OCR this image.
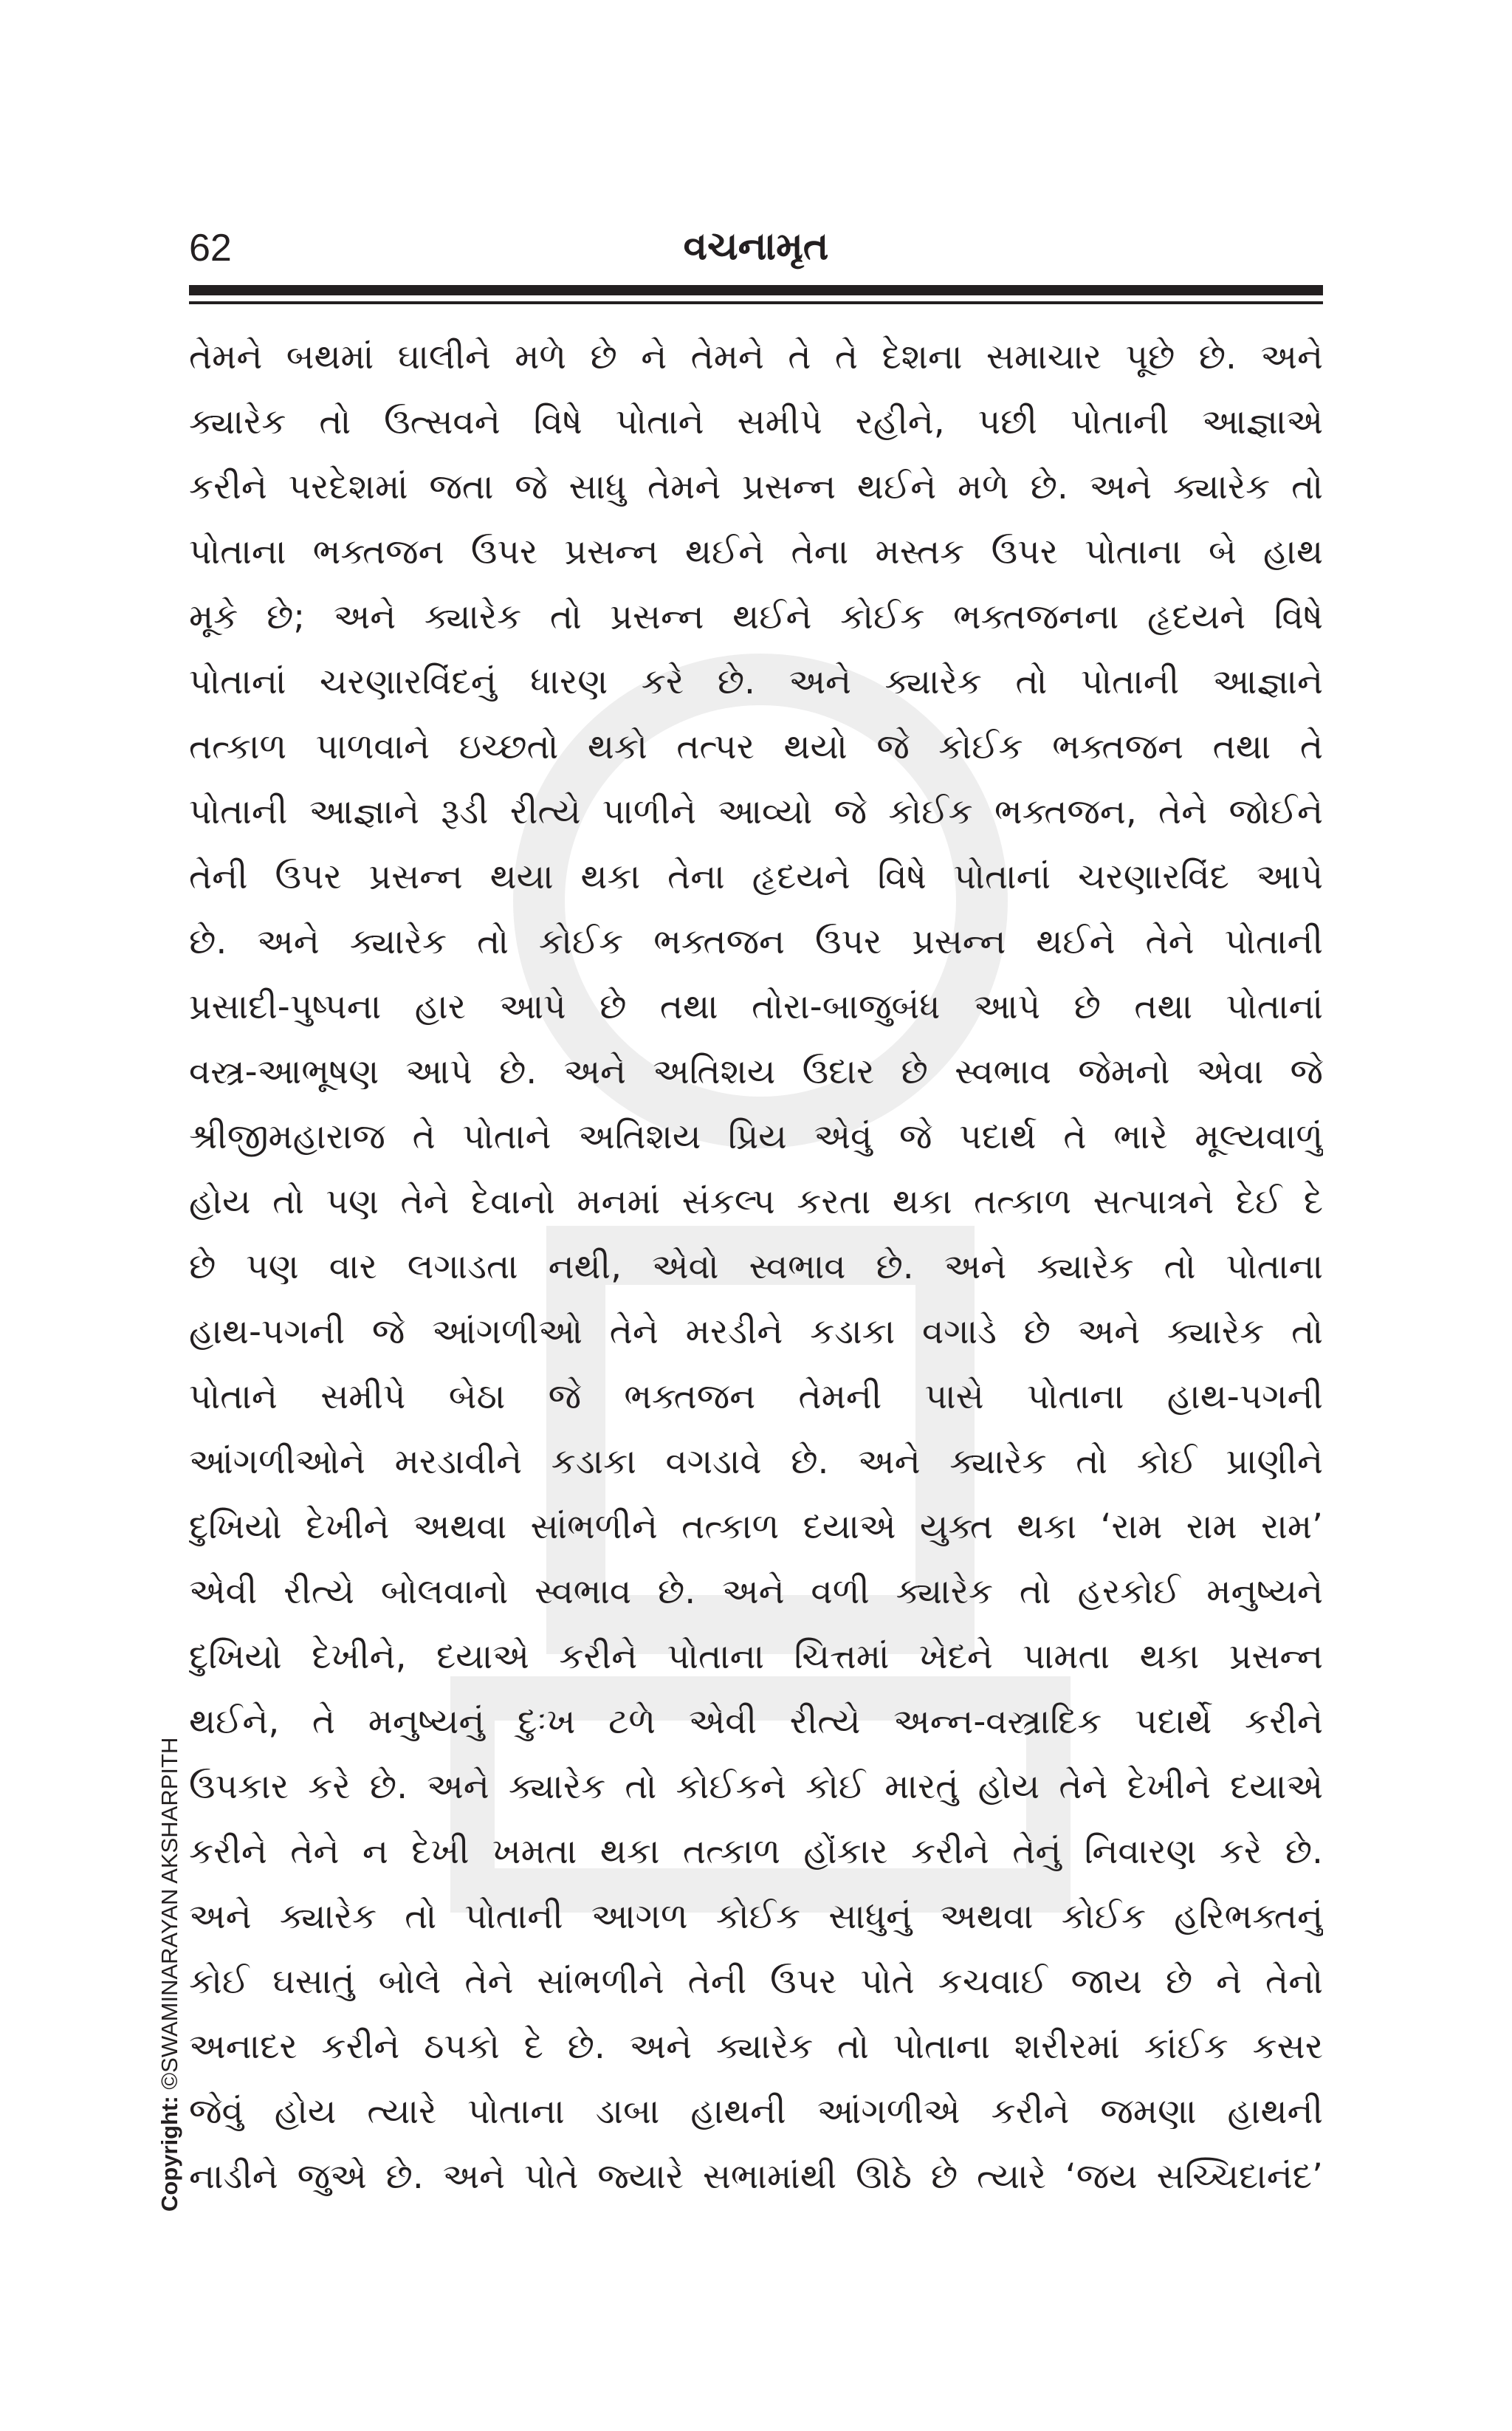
62	વચનામૃત
તેમને બથમાં ઘાલીને મળે છે ને તેમને તે તે દેશના સમાચાર પૂછે છે. અને
ક્યારેક તો ઉત્સવને વિષે પોતાને સમીપે રહીને, પછી પોતાની આજ્ઞાએ
કરીને પરદેશમાં જતા જે સાધુ તેમને પ્રસન્ન થઈને મળે છે. અને ક્યારેક તો
પોતાના ભક્તજન ઉપર પ્રસન્ન થઈને તેના મસ્તક ઉપર પોતાના બે હાથ
મૂકે છે; અને ક્યારેક તો પ્રસન્ન થઈને કોઈક ભક્તજનના હૃદયને વિષે
પોતાનાં ચરણારવિંદનું ધારણ કરે છે. અને ક્યારેક તો પોતાની આજ્ઞાને
તત્કાળ પાળવાને ઇચ્છતો થકો તત્પર થયો જે કોઈક ભક્તજન તથા તે
પોતાની આજ્ઞાને રૂડી રીત્યે પાળીને આવ્યો જે કોઈક ભક્તજન, તેને જોઈને
તેની ઉપર પ્રસન્ન થયા થકા તેના હૃદયને વિષે પોતાનાં ચરણારવિંદ આપે
છે. અને ક્યારેક તો કોઈક ભક્તજન ઉપર પ્રસન્ન થઈને તેને પોતાની
પ્રસાદી-પુષ્પના હાર આપે છે તથા તોરા-બાજુબંધ આપે છે તથા પોતાનાં
વસ્ત્ર-આભૂષણ આપે છે. અને અતિશય ઉદાર છે સ્વભાવ જેમનો એવા જે
શ્રીજીમહારાજ તે પોતાને અતિશય પ્રિય એવું જે પદાર્થ તે ભારે મૂલ્યવાળું
હોય તો પણ તેને દેવાનો મનમાં સંકલ્પ કરતા થકા તત્કાળ સત્પાત્રને દેઈ દે
છે પણ વાર લગાડતા નથી, એવો સ્વભાવ છે. અને ક્યારેક તો પોતાના
હાથ-પગની જે આંગળીઓ તેને મરડીને કડાકા વગાડે છે અને ક્યારેક તો
પોતાને સમીપે બેઠા જે ભક્તજન તેમની પાસે પોતાના હાથ-પગની
આંગળીઓને મરડાવીને કડાકા વગડાવે છે. અને ક્યારેક તો કોઈ પ્રાણીને
દુખિયો દેખીને અથવા સાંભળીને તત્કાળ દયાએ યુક્ત થકા ‘રામ રામ રામ’
એવી રીત્યે બોલવાનો સ્વભાવ છે. અને વળી ક્યારેક તો હરકોઈ મનુષ્યને
દુખિયો દેખીને, દયાએ કરીને પોતાના ચિત્તમાં ખેદને પામતા થકા પ્રસન્ન
થઈને, તે મનુષ્યનું દુઃખ ટળે એવી રીત્યે અન્ન-વસ્ત્રાદિક પદાર્થે કરીને
ઉપકાર કરે છે. અને ક્યારેક તો કોઈકને કોઈ મારતું હોય તેને દેખીને દયાએ
કરીને તેને ન દેખી ખમતા થકા તત્કાળ હોંકાર કરીને તેનું નિવારણ કરે છે.
અને ક્યારેક તો પોતાની આગળ કોઈક સાધુનું અથવા કોઈક હરિભક્તનું
કોઈ ઘસાતું બોલે તેને સાંભળીને તેની ઉપર પોતે કચવાઈ જાય છે ને તેનો
અનાદર કરીને ઠપકો દે છે. અને ક્યારેક તો પોતાના શરીરમાં કાંઈક કસર
જેવું હોય ત્યારે પોતાના ડાબા હાથની આંગળીએ કરીને જમણા હાથની
નાડીને જુએ છે. અને પોતે જ્યારે સભામાંથી ઊઠે છે ત્યારે ‘જય સચ્ચિદાનંદ’
Copyright: ©SWAMINARAYAN AKSHARPITH
